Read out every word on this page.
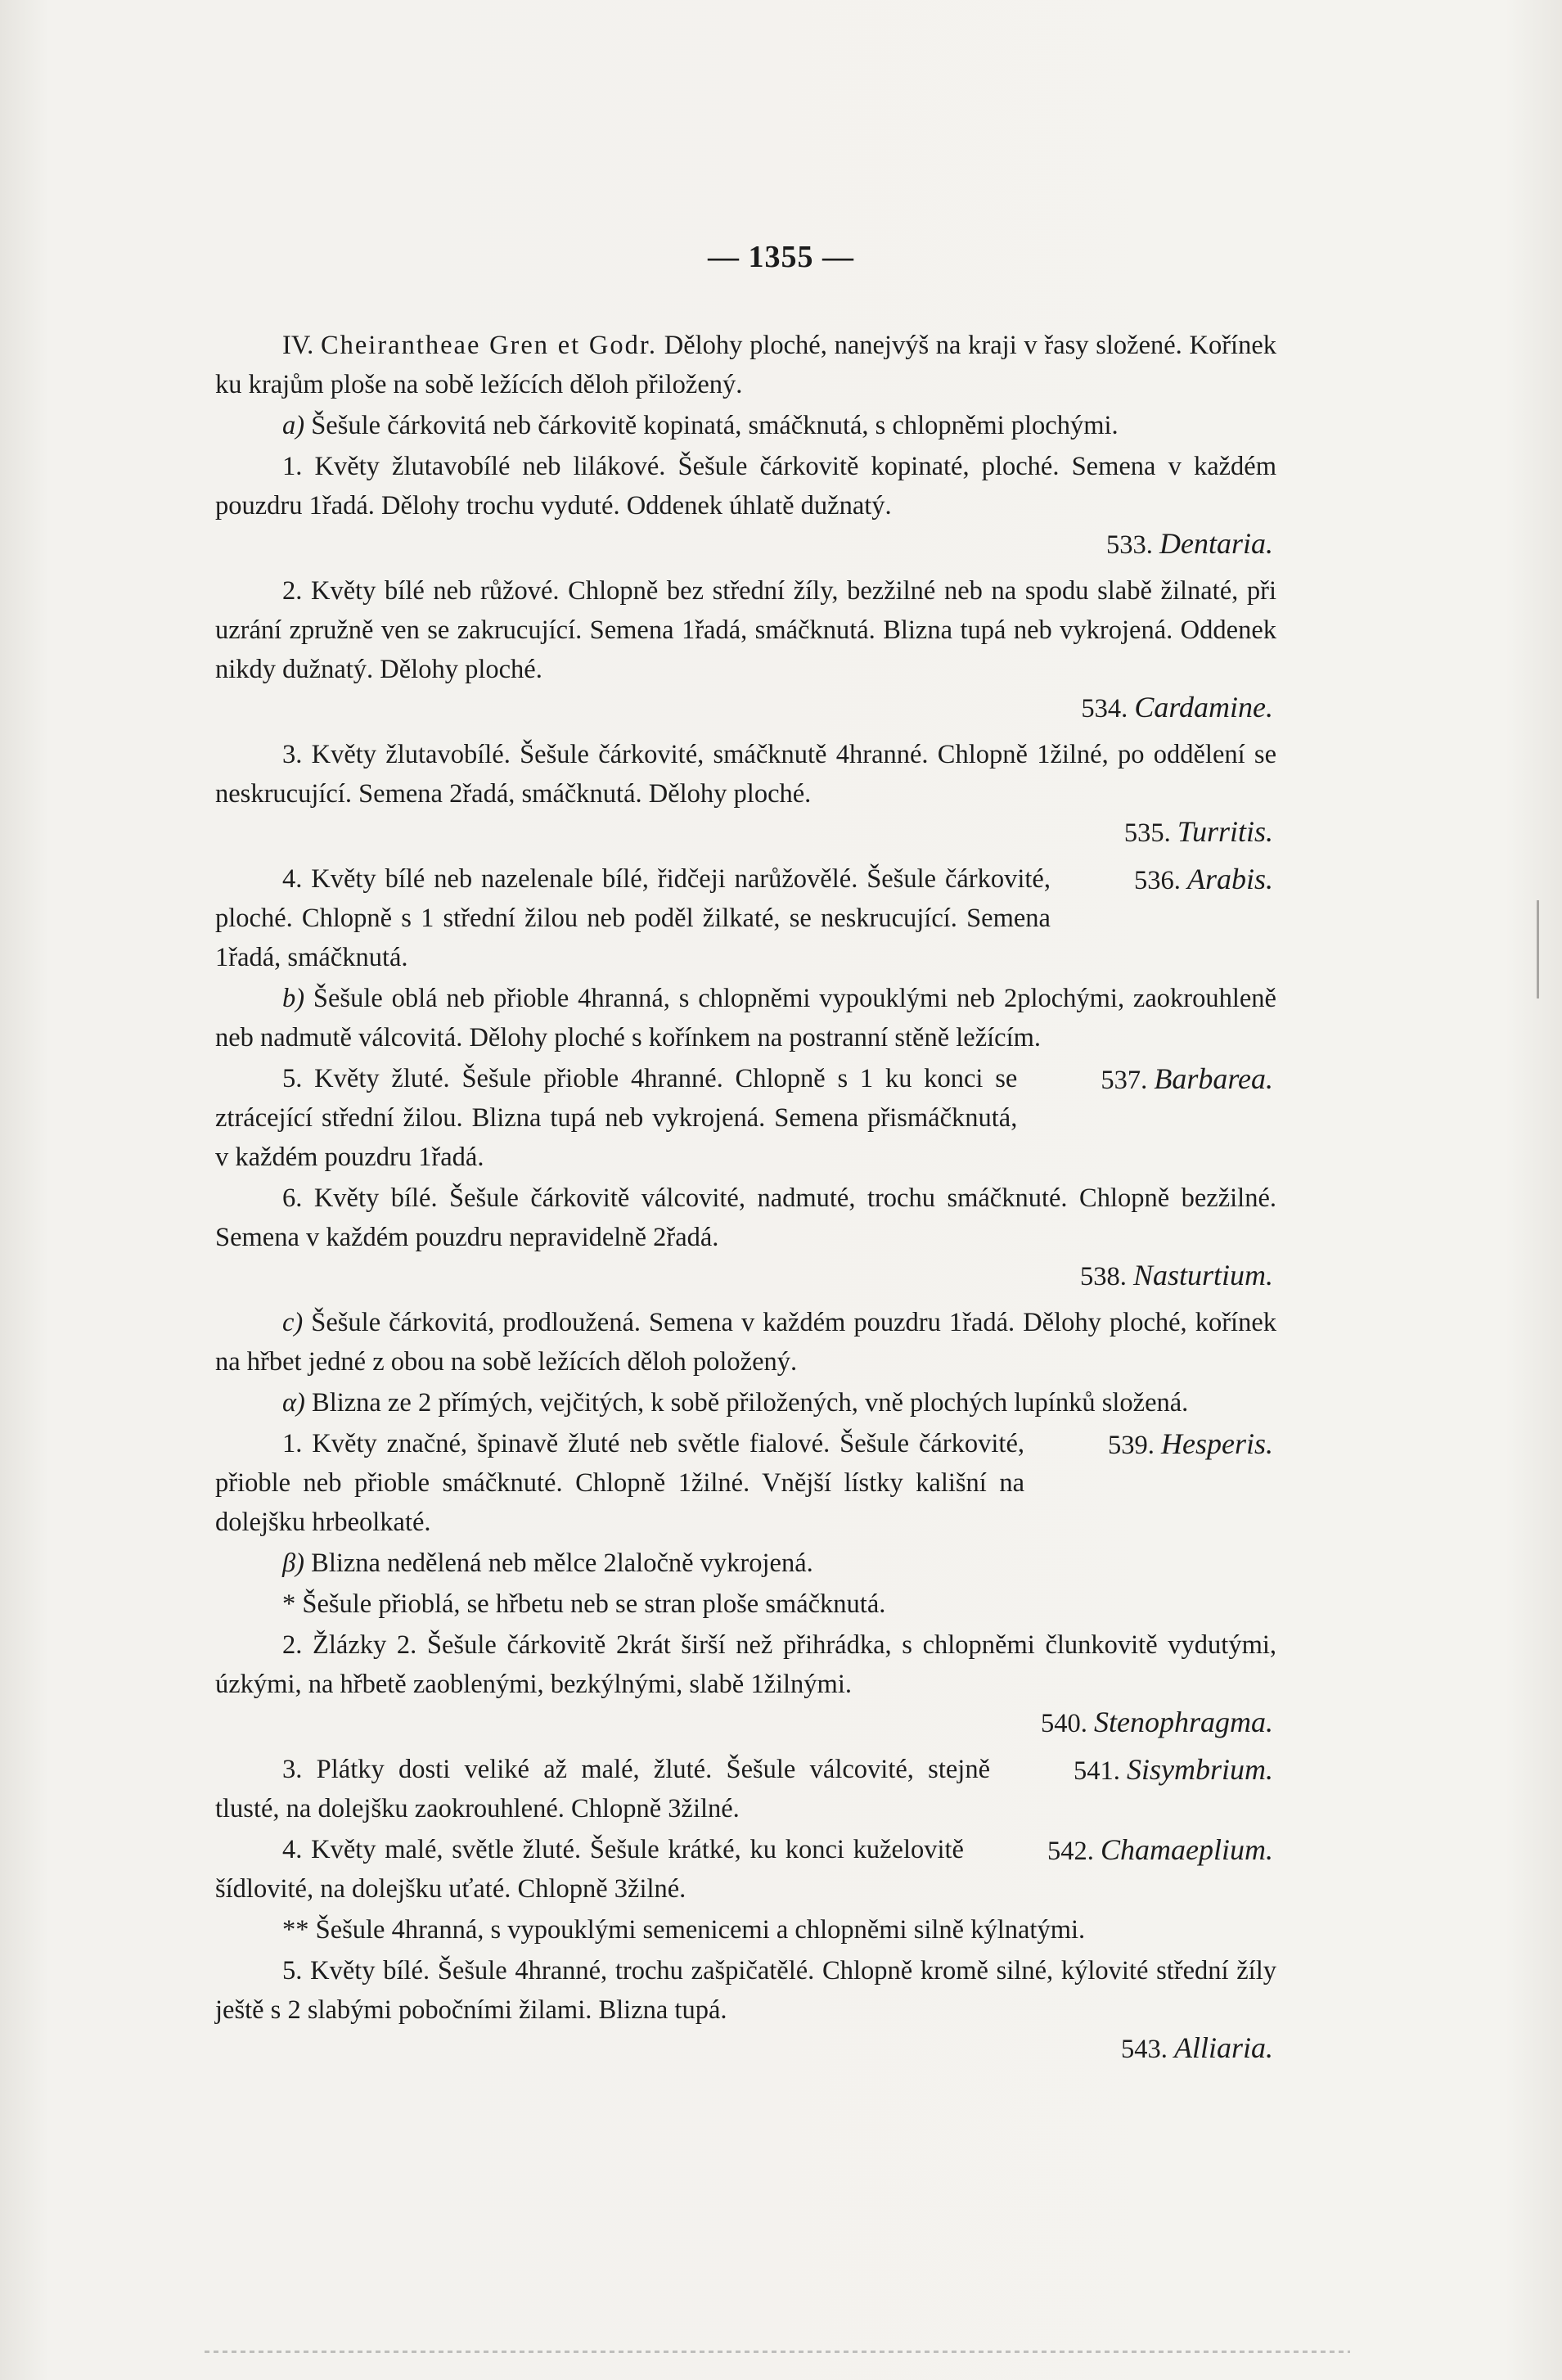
— 1355 —

IV. Cheirantheae Gren et Godr. Dělohy ploché, nanejvýš na kraji v řasy složené. Kořínek ku krajům ploše na sobě ležících děloh přiložený.

a) Šešule čárkovitá neb čárkovitě kopinatá, smáčknutá, s chlopněmi plochými.

1. Květy žlutavobílé neb lilákové. Šešule čárkovitě kopinaté, ploché. Semena v každém pouzdru 1řadá. Dělohy trochu vyduté. Oddenek úhlatě dužnatý.

533. Dentaria.

2. Květy bílé neb růžové. Chlopně bez střední žíly, bezžilné neb na spodu slabě žilnaté, při uzrání zpružně ven se zakrucující. Semena 1řadá, smáčknutá. Blizna tupá neb vykrojená. Oddenek nikdy dužnatý. Dělohy ploché.

534. Cardamine.

3. Květy žlutavobílé. Šešule čárkovité, smáčknutě 4hranné. Chlopně 1žilné, po oddělení se neskrucující. Semena 2řadá, smáčknutá. Dělohy ploché.

535. Turritis.

536. Arabis.
4. Květy bílé neb nazelenale bílé, řidčeji narůžovělé. Šešule čárkovité, ploché. Chlopně s 1 střední žilou neb poděl žilkaté, se neskrucující. Semena 1řadá, smáčknutá.

b) Šešule oblá neb přioble 4hranná, s chlopněmi vypouklými neb 2plochými, zaokrouhleně neb nadmutě válcovitá. Dělohy ploché s kořínkem na postranní stěně ležícím.

537. Barbarea.
5. Květy žluté. Šešule přioble 4hranné. Chlopně s 1 ku konci se ztrácející střední žilou. Blizna tupá neb vykrojená. Semena přismáčknutá, v každém pouzdru 1řadá.

6. Květy bílé. Šešule čárkovitě válcovité, nadmuté, trochu smáčknuté. Chlopně bezžilné. Semena v každém pouzdru nepravidelně 2řadá.

538. Nasturtium.

c) Šešule čárkovitá, prodloužená. Semena v každém pouzdru 1řadá. Dělohy ploché, kořínek na hřbet jedné z obou na sobě ležících děloh položený.

α) Blizna ze 2 přímých, vejčitých, k sobě přiložených, vně plochých lupínků složená.

539. Hesperis.
1. Květy značné, špinavě žluté neb světle fialové. Šešule čárkovité, přioble neb přioble smáčknuté. Chlopně 1žilné. Vnější lístky kališní na dolejšku hrbeolkaté.

β) Blizna nedělená neb mělce 2laločně vykrojená.

* Šešule přioblá, se hřbetu neb se stran ploše smáčknutá.

2. Žlázky 2. Šešule čárkovitě 2krát širší než přihrádka, s chlopněmi člunkovitě vydutými, úzkými, na hřbetě zaoblenými, bezkýlnými, slabě 1žilnými.

540. Stenophragma.

541. Sisymbrium.
3. Plátky dosti veliké až malé, žluté. Šešule válcovité, stejně tlusté, na dolejšku zaokrouhlené. Chlopně 3žilné.

542. Chamaeplium.
4. Květy malé, světle žluté. Šešule krátké, ku konci kuželovitě šídlovité, na dolejšku uťaté. Chlopně 3žilné.

** Šešule 4hranná, s vypouklými semenicemi a chlopněmi silně kýlnatými.

5. Květy bílé. Šešule 4hranné, trochu zašpičatělé. Chlopně kromě silné, kýlovité střední žíly ještě s 2 slabými pobočními žilami. Blizna tupá.

543. Alliaria.
